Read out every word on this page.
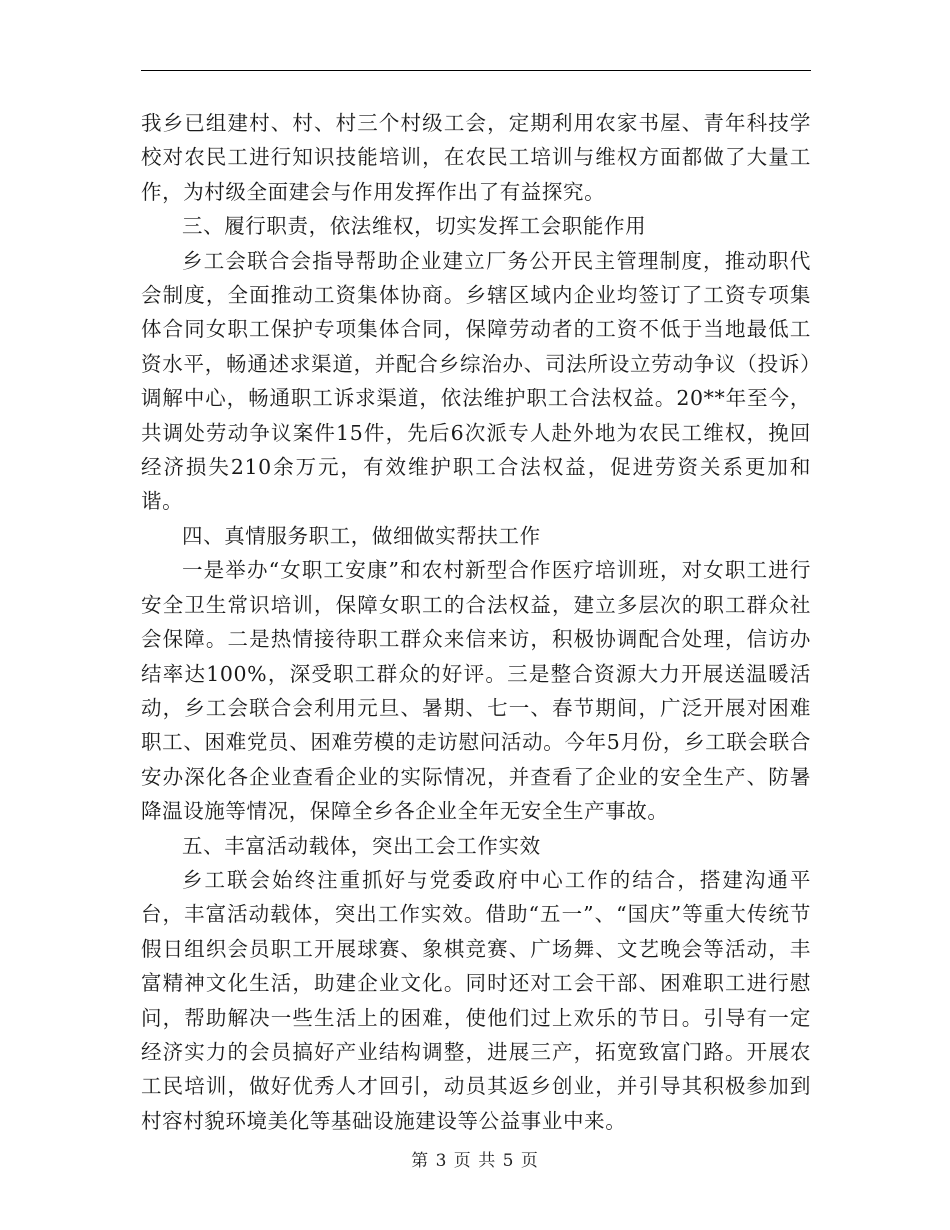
我乡已组建村、村、村三个村级工会，定期利用农家书屋、青年科技学校对农民工进行知识技能培训，在农民工培训与维权方面都做了大量工作，为村级全面建会与作用发挥作出了有益探究。

三、履行职责，依法维权，切实发挥工会职能作用

乡工会联合会指导帮助企业建立厂务公开民主管理制度，推动职代会制度，全面推动工资集体协商。乡辖区域内企业均签订了工资专项集体合同女职工保护专项集体合同，保障劳动者的工资不低于当地最低工资水平，畅通述求渠道，并配合乡综治办、司法所设立劳动争议（投诉）调解中心，畅通职工诉求渠道，依法维护职工合法权益。20**年至今，共调处劳动争议案件15件，先后6次派专人赴外地为农民工维权，挽回经济损失210余万元，有效维护职工合法权益，促进劳资关系更加和谐。

四、真情服务职工，做细做实帮扶工作

一是举办“女职工安康”和农村新型合作医疗培训班，对女职工进行安全卫生常识培训，保障女职工的合法权益，建立多层次的职工群众社会保障。二是热情接待职工群众来信来访，积极协调配合处理，信访办结率达100%，深受职工群众的好评。三是整合资源大力开展送温暖活动，乡工会联合会利用元旦、暑期、七一、春节期间，广泛开展对困难职工、困难党员、困难劳模的走访慰问活动。今年5月份，乡工联会联合安办深化各企业查看企业的实际情况，并查看了企业的安全生产、防暑降温设施等情况，保障全乡各企业全年无安全生产事故。

五、丰富活动载体，突出工会工作实效

乡工联会始终注重抓好与党委政府中心工作的结合，搭建沟通平台，丰富活动载体，突出工作实效。借助“五一”、“国庆”等重大传统节假日组织会员职工开展球赛、象棋竞赛、广场舞、文艺晚会等活动，丰富精神文化生活，助建企业文化。同时还对工会干部、困难职工进行慰问，帮助解决一些生活上的困难，使他们过上欢乐的节日。引导有一定经济实力的会员搞好产业结构调整，进展三产，拓宽致富门路。开展农工民培训，做好优秀人才回引，动员其返乡创业，并引导其积极参加到村容村貌环境美化等基础设施建设等公益事业中来。

第 3 页 共 5 页
